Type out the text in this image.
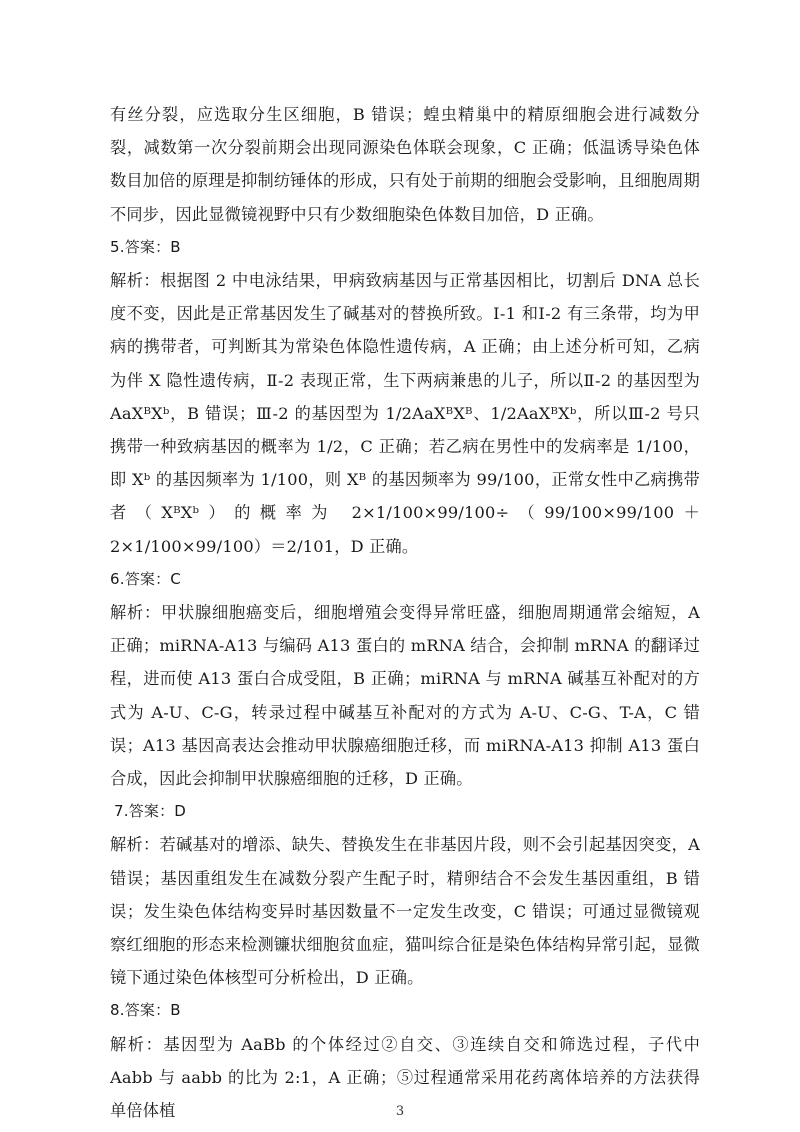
有丝分裂，应选取分生区细胞，B 错误；蝗虫精巢中的精原细胞会进行减数分裂，减数第一次分裂前期会出现同源染色体联会现象，C 正确；低温诱导染色体数目加倍的原理是抑制纺锤体的形成，只有处于前期的细胞会受影响，且细胞周期不同步，因此显微镜视野中只有少数细胞染色体数目加倍，D 正确。

5.答案：B

解析：根据图 2 中电泳结果，甲病致病基因与正常基因相比，切割后 DNA 总长度不变，因此是正常基因发生了碱基对的替换所致。Ⅰ-1 和Ⅰ-2 有三条带，均为甲病的携带者，可判断其为常染色体隐性遗传病，A 正确；由上述分析可知，乙病为伴 X 隐性遗传病，Ⅱ-2 表现正常，生下两病兼患的儿子，所以Ⅱ-2 的基因型为 AaXᴮXᵇ，B 错误；Ⅲ-2 的基因型为 1/2AaXᴮXᴮ、1/2AaXᴮXᵇ，所以Ⅲ-2 号只携带一种致病基因的概率为 1/2，C 正确；若乙病在男性中的发病率是 1/100，即 Xᵇ 的基因频率为 1/100，则 Xᴮ 的基因频率为 99/100，正常女性中乙病携带者（XᴮXᵇ）的概率为 2×1/100×99/100÷（99/100×99/100＋2×1/100×99/100）＝2/101，D 正确。

6.答案：C

解析：甲状腺细胞癌变后，细胞增殖会变得异常旺盛，细胞周期通常会缩短，A 正确；miRNA-A13 与编码 A13 蛋白的 mRNA 结合，会抑制 mRNA 的翻译过程，进而使 A13 蛋白合成受阻，B 正确；miRNA 与 mRNA 碱基互补配对的方式为 A-U、C-G，转录过程中碱基互补配对的方式为 A-U、C-G、T-A，C 错误；A13 基因高表达会推动甲状腺癌细胞迁移，而 miRNA-A13 抑制 A13 蛋白合成，因此会抑制甲状腺癌细胞的迁移，D 正确。

7.答案：D

解析：若碱基对的增添、缺失、替换发生在非基因片段，则不会引起基因突变，A 错误；基因重组发生在减数分裂产生配子时，精卵结合不会发生基因重组，B 错误；发生染色体结构变异时基因数量不一定发生改变，C 错误；可通过显微镜观察红细胞的形态来检测镰状细胞贫血症，猫叫综合征是染色体结构异常引起，显微镜下通过染色体核型可分析检出，D 正确。

8.答案：B

解析：基因型为 AaBb 的个体经过②自交、③连续自交和筛选过程，子代中 Aabb 与 aabb 的比为 2:1，A 正确；⑤过程通常采用花药离体培养的方法获得单倍体植	3
